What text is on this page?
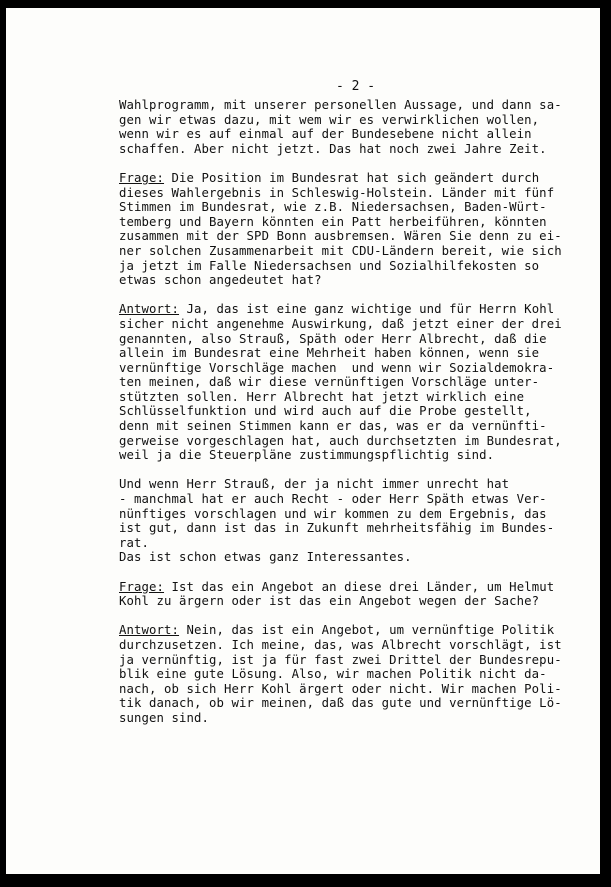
- 2 -
Wahlprogramm, mit unserer personellen Aussage, und dann sa-
gen wir etwas dazu, mit wem wir es verwirklichen wollen,
wenn wir es auf einmal auf der Bundesebene nicht allein
schaffen. Aber nicht jetzt. Das hat noch zwei Jahre Zeit.
Frage: Die Position im Bundesrat hat sich geändert durch
dieses Wahlergebnis in Schleswig-Holstein. Länder mit fünf
Stimmen im Bundesrat, wie z.B. Niedersachsen, Baden-Würt-
temberg und Bayern könnten ein Patt herbeiführen, könnten
zusammen mit der SPD Bonn ausbremsen. Wären Sie denn zu ei-
ner solchen Zusammenarbeit mit CDU-Ländern bereit, wie sich
ja jetzt im Falle Niedersachsen und Sozialhilfekosten so
etwas schon angedeutet hat?
Antwort: Ja, das ist eine ganz wichtige und für Herrn Kohl
sicher nicht angenehme Auswirkung, daß jetzt einer der drei
genannten, also Strauß, Späth oder Herr Albrecht, daß die
allein im Bundesrat eine Mehrheit haben können, wenn sie
vernünftige Vorschläge machen  und wenn wir Sozialdemokra-
ten meinen, daß wir diese vernünftigen Vorschläge unter-
stützten sollen. Herr Albrecht hat jetzt wirklich eine
Schlüsselfunktion und wird auch auf die Probe gestellt,
denn mit seinen Stimmen kann er das, was er da vernünfti-
gerweise vorgeschlagen hat, auch durchsetzten im Bundesrat,
weil ja die Steuerpläne zustimmungspflichtig sind.
Und wenn Herr Strauß, der ja nicht immer unrecht hat
- manchmal hat er auch Recht - oder Herr Späth etwas Ver-
nünftiges vorschlagen und wir kommen zu dem Ergebnis, das
ist gut, dann ist das in Zukunft mehrheitsfähig im Bundes-
rat.
Das ist schon etwas ganz Interessantes.
Frage: Ist das ein Angebot an diese drei Länder, um Helmut
Kohl zu ärgern oder ist das ein Angebot wegen der Sache?
Antwort: Nein, das ist ein Angebot, um vernünftige Politik
durchzusetzen. Ich meine, das, was Albrecht vorschlägt, ist
ja vernünftig, ist ja für fast zwei Drittel der Bundesrepu-
blik eine gute Lösung. Also, wir machen Politik nicht da-
nach, ob sich Herr Kohl ärgert oder nicht. Wir machen Poli-
tik danach, ob wir meinen, daß das gute und vernünftige Lö-
sungen sind.
